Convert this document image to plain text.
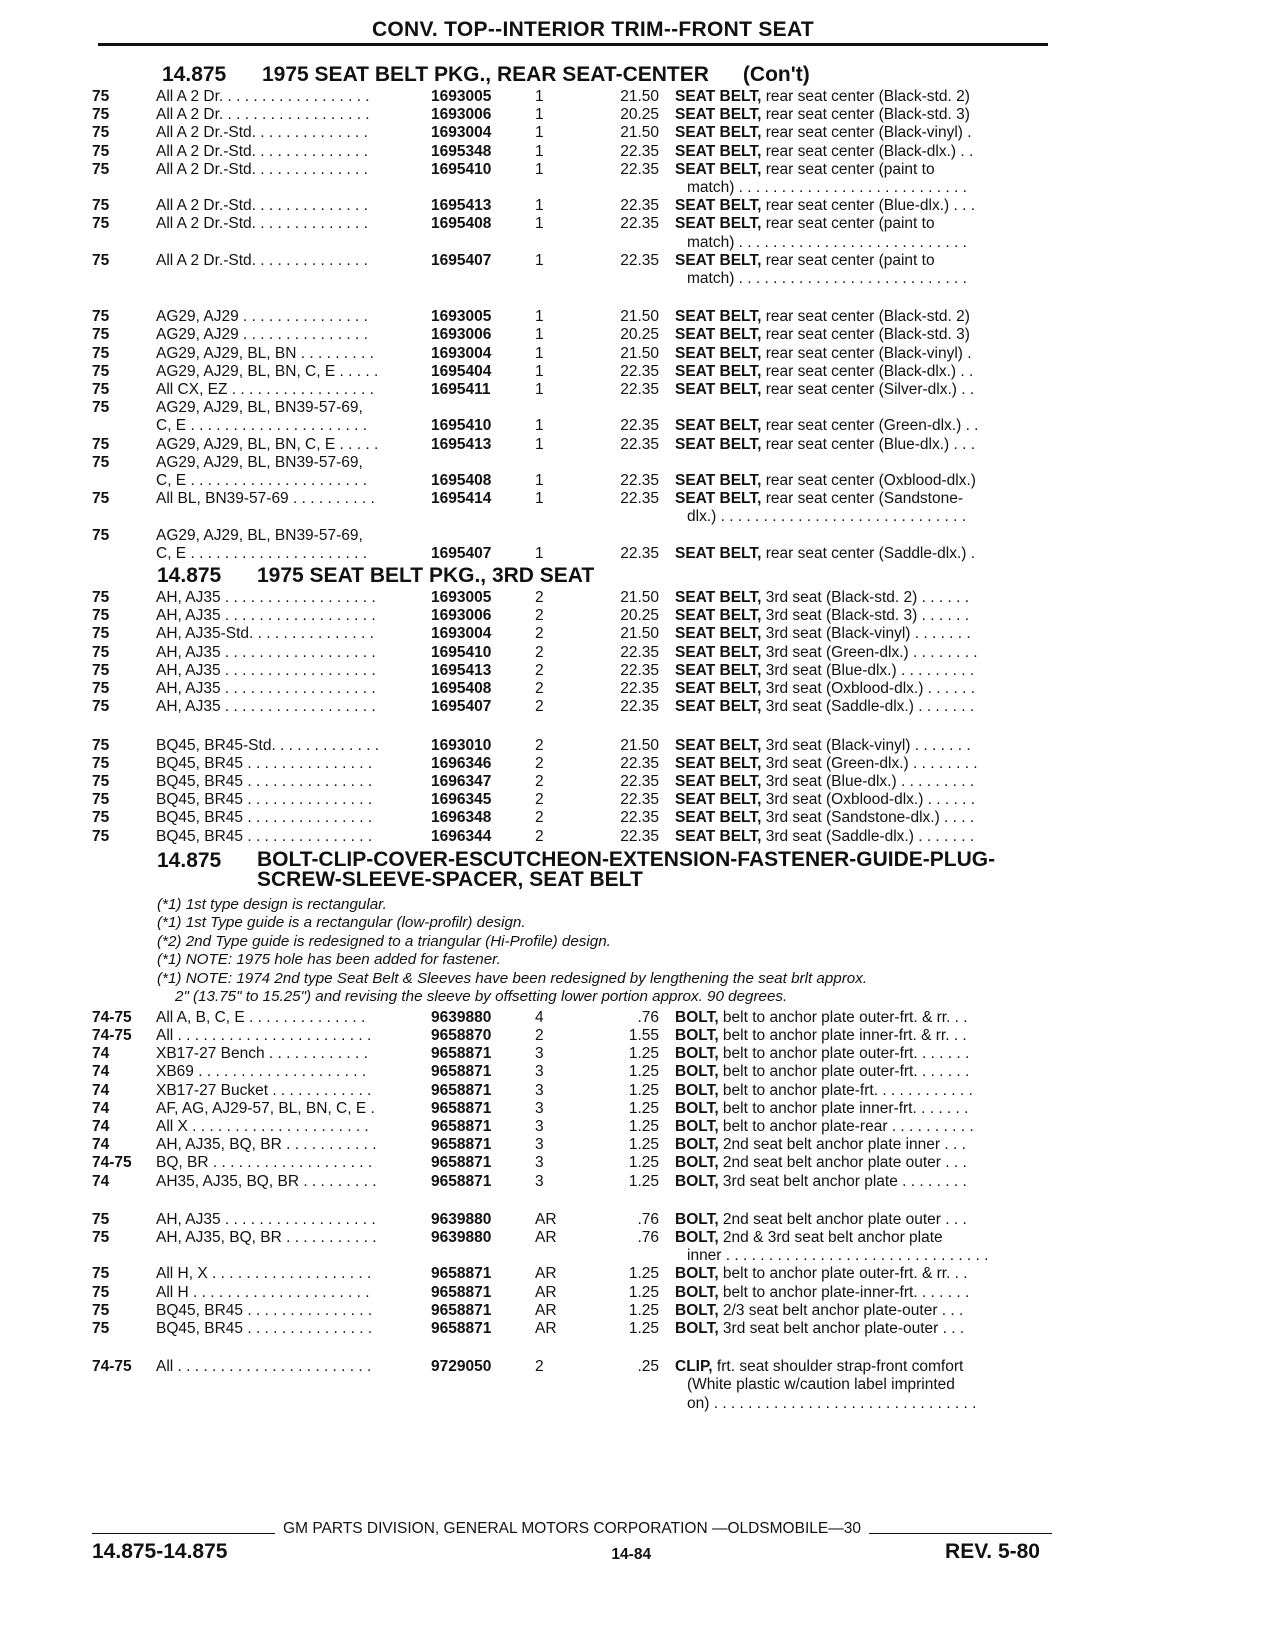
CONV. TOP--INTERIOR TRIM--FRONT SEAT
14.875	1975 SEAT BELT PKG., REAR SEAT-CENTER (Con't)
75	All A 2 Dr. . . . . . . . . . . . . . . . . .	1693005	1	21.50	SEAT BELT, rear seat center (Black-std. 2)
75	All A 2 Dr. . . . . . . . . . . . . . . . . .	1693006	1	20.25	SEAT BELT, rear seat center (Black-std. 3)
75	All A 2 Dr.-Std. . . . . . . . . . . . . .	1693004	1	21.50	SEAT BELT, rear seat center (Black-vinyl) .
75	All A 2 Dr.-Std. . . . . . . . . . . . . .	1695348	1	22.35	SEAT BELT, rear seat center (Black-dlx.) . .
75	All A 2 Dr.-Std. . . . . . . . . . . . . .	1695410	1	22.35	SEAT BELT, rear seat center (paint to
match) . . . . . . . . . . . . . . . . . . . . . . . . . . .
75	All A 2 Dr.-Std. . . . . . . . . . . . . .	1695413	1	22.35	SEAT BELT, rear seat center (Blue-dlx.) . . .
75	All A 2 Dr.-Std. . . . . . . . . . . . . .	1695408	1	22.35	SEAT BELT, rear seat center (paint to
match) . . . . . . . . . . . . . . . . . . . . . . . . . . .
75	All A 2 Dr.-Std. . . . . . . . . . . . . .	1695407	1	22.35	SEAT BELT, rear seat center (paint to
match) . . . . . . . . . . . . . . . . . . . . . . . . . . .
75	AG29, AJ29 . . . . . . . . . . . . . . .	1693005	1	21.50	SEAT BELT, rear seat center (Black-std. 2)
75	AG29, AJ29 . . . . . . . . . . . . . . .	1693006	1	20.25	SEAT BELT, rear seat center (Black-std. 3)
75	AG29, AJ29, BL, BN . . . . . . . . .	1693004	1	21.50	SEAT BELT, rear seat center (Black-vinyl) .
75	AG29, AJ29, BL, BN, C, E . . . . .	1695404	1	22.35	SEAT BELT, rear seat center (Black-dlx.) . .
75	All CX, EZ . . . . . . . . . . . . . . . . .	1695411	1	22.35	SEAT BELT, rear seat center (Silver-dlx.) . .
75	AG29, AJ29, BL, BN39-57-69,
C, E . . . . . . . . . . . . . . . . . . . . .	1695410	1	22.35	SEAT BELT, rear seat center (Green-dlx.) . .
75	AG29, AJ29, BL, BN, C, E . . . . .	1695413	1	22.35	SEAT BELT, rear seat center (Blue-dlx.) . . .
75	AG29, AJ29, BL, BN39-57-69,
C, E . . . . . . . . . . . . . . . . . . . . .	1695408	1	22.35	SEAT BELT, rear seat center (Oxblood-dlx.)
75	All BL, BN39-57-69 . . . . . . . . . .	1695414	1	22.35	SEAT BELT, rear seat center (Sandstone-
dlx.) . . . . . . . . . . . . . . . . . . . . . . . . . . . . .
75	AG29, AJ29, BL, BN39-57-69,
C, E . . . . . . . . . . . . . . . . . . . . .	1695407	1	22.35	SEAT BELT, rear seat center (Saddle-dlx.) .
14.875	1975 SEAT BELT PKG., 3RD SEAT
75	AH, AJ35 . . . . . . . . . . . . . . . . . .	1693005	2	21.50	SEAT BELT, 3rd seat (Black-std. 2) . . . . . .
75	AH, AJ35 . . . . . . . . . . . . . . . . . .	1693006	2	20.25	SEAT BELT, 3rd seat (Black-std. 3) . . . . . .
75	AH, AJ35-Std. . . . . . . . . . . . . . .	1693004	2	21.50	SEAT BELT, 3rd seat (Black-vinyl) . . . . . . .
75	AH, AJ35 . . . . . . . . . . . . . . . . . .	1695410	2	22.35	SEAT BELT, 3rd seat (Green-dlx.) . . . . . . . .
75	AH, AJ35 . . . . . . . . . . . . . . . . . .	1695413	2	22.35	SEAT BELT, 3rd seat (Blue-dlx.) . . . . . . . . .
75	AH, AJ35 . . . . . . . . . . . . . . . . . .	1695408	2	22.35	SEAT BELT, 3rd seat (Oxblood-dlx.) . . . . . .
75	AH, AJ35 . . . . . . . . . . . . . . . . . .	1695407	2	22.35	SEAT BELT, 3rd seat (Saddle-dlx.) . . . . . . .
75	BQ45, BR45-Std. . . . . . . . . . . . .	1693010	2	21.50	SEAT BELT, 3rd seat (Black-vinyl) . . . . . . .
75	BQ45, BR45 . . . . . . . . . . . . . . .	1696346	2	22.35	SEAT BELT, 3rd seat (Green-dlx.) . . . . . . . .
75	BQ45, BR45 . . . . . . . . . . . . . . .	1696347	2	22.35	SEAT BELT, 3rd seat (Blue-dlx.) . . . . . . . . .
75	BQ45, BR45 . . . . . . . . . . . . . . .	1696345	2	22.35	SEAT BELT, 3rd seat (Oxblood-dlx.) . . . . . .
75	BQ45, BR45 . . . . . . . . . . . . . . .	1696348	2	22.35	SEAT BELT, 3rd seat (Sandstone-dlx.) . . . .
75	BQ45, BR45 . . . . . . . . . . . . . . .	1696344	2	22.35	SEAT BELT, 3rd seat (Saddle-dlx.) . . . . . . .
14.875	BOLT-CLIP-COVER-ESCUTCHEON-EXTENSION-FASTENER-GUIDE-PLUG-
SCREW-SLEEVE-SPACER, SEAT BELT
(*1) 1st type design is rectangular.
(*1) 1st Type guide is a rectangular (low-profilr) design.
(*2) 2nd Type guide is redesigned to a triangular (Hi-Profile) design.
(*1) NOTE: 1975 hole has been added for fastener.
(*1) NOTE: 1974 2nd type Seat Belt & Sleeves have been redesigned by lengthening the seat brlt approx.
2" (13.75" to 15.25") and revising the sleeve by offsetting lower portion approx. 90 degrees.
74-75	All A, B, C, E . . . . . . . . . . . . . .	9639880	4	.76	BOLT, belt to anchor plate outer-frt. & rr. . .
74-75	All . . . . . . . . . . . . . . . . . . . . . . .	9658870	2	1.55	BOLT, belt to anchor plate inner-frt. & rr. . .
74	XB17-27 Bench . . . . . . . . . . . .	9658871	3	1.25	BOLT, belt to anchor plate outer-frt. . . . . . .
74	XB69 . . . . . . . . . . . . . . . . . . . .	9658871	3	1.25	BOLT, belt to anchor plate outer-frt. . . . . . .
74	XB17-27 Bucket . . . . . . . . . . . .	9658871	3	1.25	BOLT, belt to anchor plate-frt. . . . . . . . . . . .
74	AF, AG, AJ29-57, BL, BN, C, E .	9658871	3	1.25	BOLT, belt to anchor plate inner-frt. . . . . . .
74	All X . . . . . . . . . . . . . . . . . . . . .	9658871	3	1.25	BOLT, belt to anchor plate-rear . . . . . . . . . .
74	AH, AJ35, BQ, BR . . . . . . . . . . .	9658871	3	1.25	BOLT, 2nd seat belt anchor plate inner . . .
74-75	BQ, BR . . . . . . . . . . . . . . . . . . .	9658871	3	1.25	BOLT, 2nd seat belt anchor plate outer . . .
74	AH35, AJ35, BQ, BR . . . . . . . . .	9658871	3	1.25	BOLT, 3rd seat belt anchor plate . . . . . . . .
75	AH, AJ35 . . . . . . . . . . . . . . . . . .	9639880	AR	.76	BOLT, 2nd seat belt anchor plate outer . . .
75	AH, AJ35, BQ, BR . . . . . . . . . . .	9639880	AR	.76	BOLT, 2nd & 3rd seat belt anchor plate
inner . . . . . . . . . . . . . . . . . . . . . . . . . . . . . . .
75	All H, X . . . . . . . . . . . . . . . . . . .	9658871	AR	1.25	BOLT, belt to anchor plate outer-frt. & rr. . .
75	All H . . . . . . . . . . . . . . . . . . . . .	9658871	AR	1.25	BOLT, belt to anchor plate-inner-frt. . . . . . .
75	BQ45, BR45 . . . . . . . . . . . . . . .	9658871	AR	1.25	BOLT, 2/3 seat belt anchor plate-outer . . .
75	BQ45, BR45 . . . . . . . . . . . . . . .	9658871	AR	1.25	BOLT, 3rd seat belt anchor plate-outer . . .
74-75	All . . . . . . . . . . . . . . . . . . . . . . .	9729050	2	.25	CLIP, frt. seat shoulder strap-front comfort
(White plastic w/caution label imprinted
on) . . . . . . . . . . . . . . . . . . . . . . . . . . . . . . .
GM PARTS DIVISION, GENERAL MOTORS CORPORATION —OLDSMOBILE—30
14.875-14.875	14-84	REV. 5-80
